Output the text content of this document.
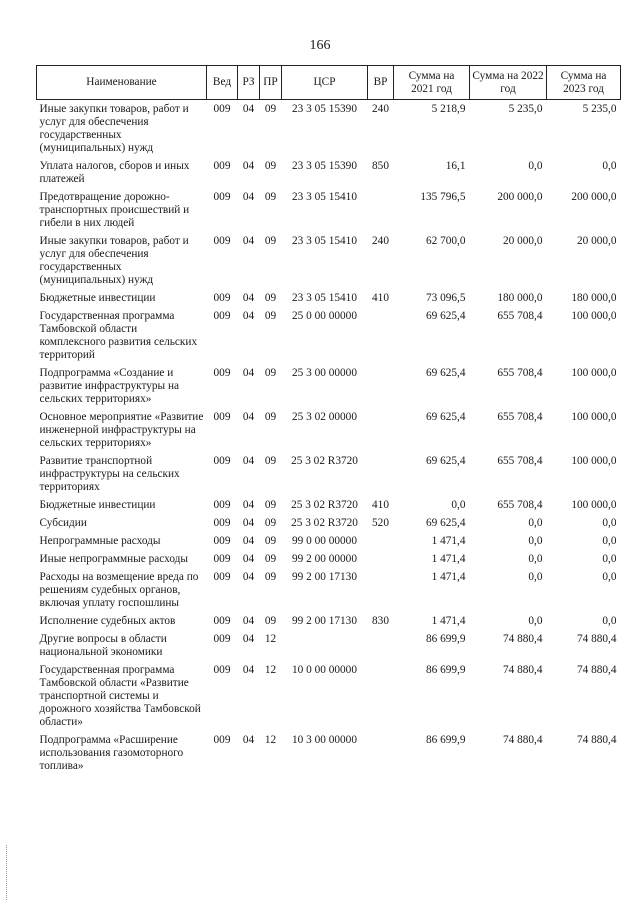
166
Наименование	Вед	РЗ	ПР	ЦСР	ВР	Сумма на 2021 год	Сумма на 2022 год	Сумма на 2023 год
Иные закупки товаров, работ и услуг для обеспечения государственных (муниципальных) нужд	009	04	09	23 3 05 15390	240	5 218,9	5 235,0	5 235,0
Уплата налогов, сборов и иных платежей	009	04	09	23 3 05 15390	850	16,1	0,0	0,0
Предотвращение дорожно-транспортных происшествий и гибели в них людей	009	04	09	23 3 05 15410		135 796,5	200 000,0	200 000,0
Иные закупки товаров, работ и услуг для обеспечения государственных (муниципальных) нужд	009	04	09	23 3 05 15410	240	62 700,0	20 000,0	20 000,0
Бюджетные инвестиции	009	04	09	23 3 05 15410	410	73 096,5	180 000,0	180 000,0
Государственная программа Тамбовской области комплексного развития сельских территорий	009	04	09	25 0 00 00000		69 625,4	655 708,4	100 000,0
Подпрограмма «Создание и развитие инфраструктуры на сельских территориях»	009	04	09	25 3 00 00000		69 625,4	655 708,4	100 000,0
Основное мероприятие «Развитие инженерной инфраструктуры на сельских территориях»	009	04	09	25 3 02 00000		69 625,4	655 708,4	100 000,0
Развитие транспортной инфраструктуры на сельских территориях	009	04	09	25 3 02 R3720		69 625,4	655 708,4	100 000,0
Бюджетные инвестиции	009	04	09	25 3 02 R3720	410	0,0	655 708,4	100 000,0
Субсидии	009	04	09	25 3 02 R3720	520	69 625,4	0,0	0,0
Непрограммные расходы	009	04	09	99 0 00 00000		1 471,4	0,0	0,0
Иные непрограммные расходы	009	04	09	99 2 00 00000		1 471,4	0,0	0,0
Расходы на возмещение вреда по решениям судебных органов, включая уплату госпошлины	009	04	09	99 2 00 17130		1 471,4	0,0	0,0
Исполнение судебных актов	009	04	09	99 2 00 17130	830	1 471,4	0,0	0,0
Другие вопросы в области национальной экономики	009	04	12			86 699,9	74 880,4	74 880,4
Государственная программа Тамбовской области «Развитие транспортной системы и дорожного хозяйства Тамбовской области»	009	04	12	10 0 00 00000		86 699,9	74 880,4	74 880,4
Подпрограмма «Расширение использования газомоторного топлива»	009	04	12	10 3 00 00000		86 699,9	74 880,4	74 880,4
